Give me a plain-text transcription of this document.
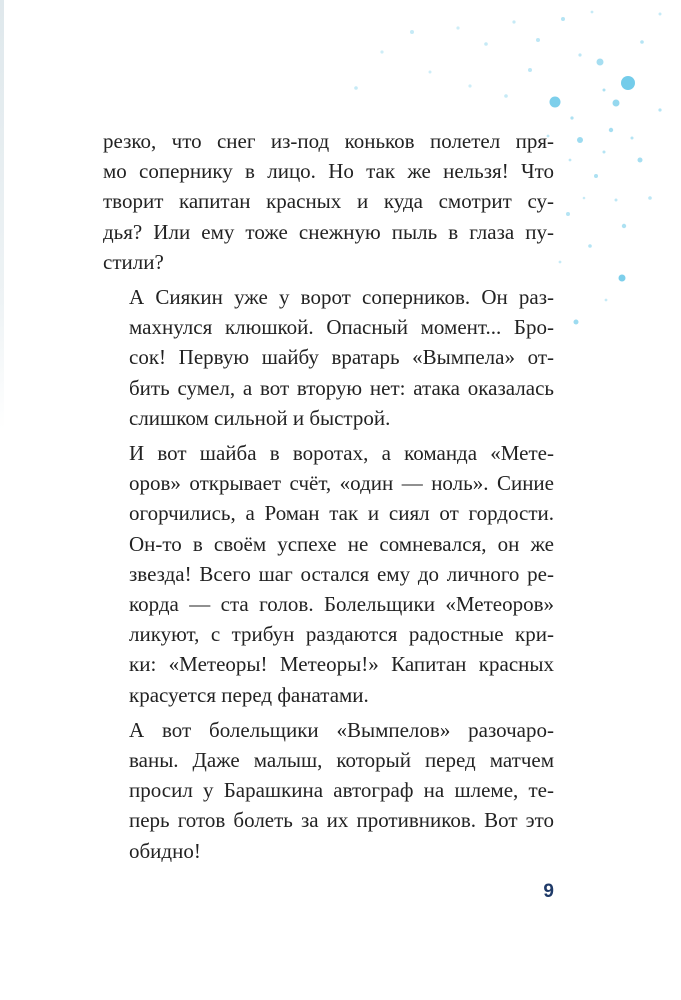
резко, что снег из-под коньков полетел пря-
мо сопернику в лицо. Но так же нельзя! Что
творит капитан красных и куда смотрит су-
дья? Или ему тоже снежную пыль в глаза пу-
стили?

А Сиякин уже у ворот соперников. Он раз-
махнулся клюшкой. Опасный момент... Бро-
сок! Первую шайбу вратарь «Вымпела» от-
бить сумел, а вот вторую нет: атака оказалась
слишком сильной и быстрой.

И вот шайба в воротах, а команда «Мете-
оров» открывает счёт, «один — ноль». Синие
огорчились, а Роман так и сиял от гордости.
Он-то в своём успехе не сомневался, он же
звезда! Всего шаг остался ему до личного ре-
корда — ста голов. Болельщики «Метеоров»
ликуют, с трибун раздаются радостные кри-
ки: «Метеоры! Метеоры!» Капитан красных
красуется перед фанатами.

А вот болельщики «Вымпелов» разочаро-
ваны. Даже малыш, который перед матчем
просил у Барашкина автограф на шлеме, те-
перь готов болеть за их противников. Вот это
обидно!

9
